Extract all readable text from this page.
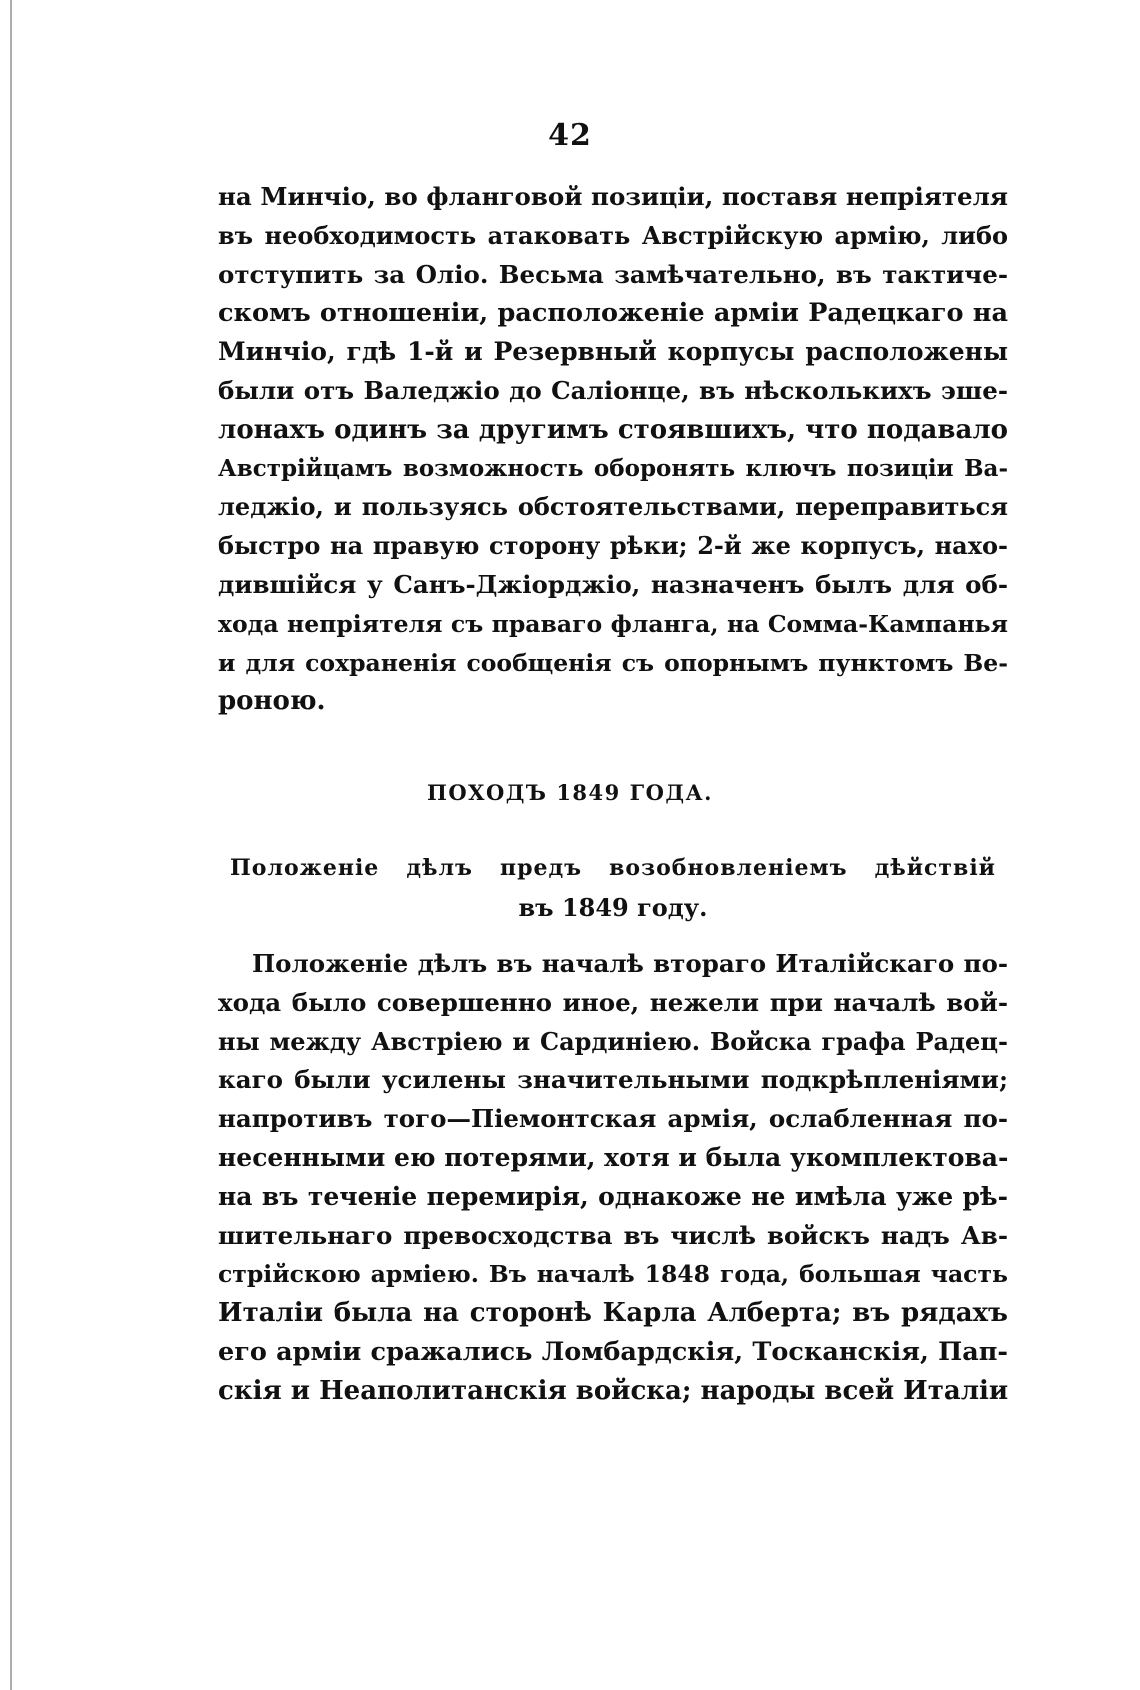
42
на Минчіо, во фланговой позиціи, поставя непріятеля
въ необходимость атаковать Австрійскую армію, либо
отступить за Оліо. Весьма замѣчательно, въ тактиче-
скомъ отношеніи, расположеніе арміи Радецкаго на
Минчіо, гдѣ 1-й и Резервный корпусы расположены
были отъ Валеджіо до Саліонце, въ нѣсколькихъ эше-
лонахъ одинъ за другимъ стоявшихъ, что подавало
Австрійцамъ возможность оборонять ключъ позиціи Ва-
леджіо, и пользуясь обстоятельствами, переправиться
быстро на правую сторону рѣки; 2-й же корпусъ, нахо-
дившійся у Санъ-Джіорджіо, назначенъ былъ для об-
хода непріятеля съ праваго фланга, на Сомма-Кампанья
и для сохраненія сообщенія съ опорнымъ пунктомъ Ве-
роною.
ПОХОДЪ 1849 ГОДА.
Положеніе дѣлъ предъ возобновленіемъ дѣйствій
въ 1849 году.
Положеніе дѣлъ въ началѣ втораго Италійскаго по-
хода было совершенно иное, нежели при началѣ вой-
ны между Австріею и Сардиніею. Войска графа Радец-
каго были усилены значительными подкрѣпленіями;
напротивъ того—Піемонтская армія, ослабленная по-
несенными ею потерями, хотя и была укомплектова-
на въ теченіе перемирія, однакоже не имѣла уже рѣ-
шительнаго превосходства въ числѣ войскъ надъ Ав-
стрійскою арміею. Въ началѣ 1848 года, большая часть
Италіи была на сторонѣ Карла Алберта; въ рядахъ
его арміи сражались Ломбардскія, Тосканскія, Пап-
скія и Неаполитанскія войска; народы всей Италіи
